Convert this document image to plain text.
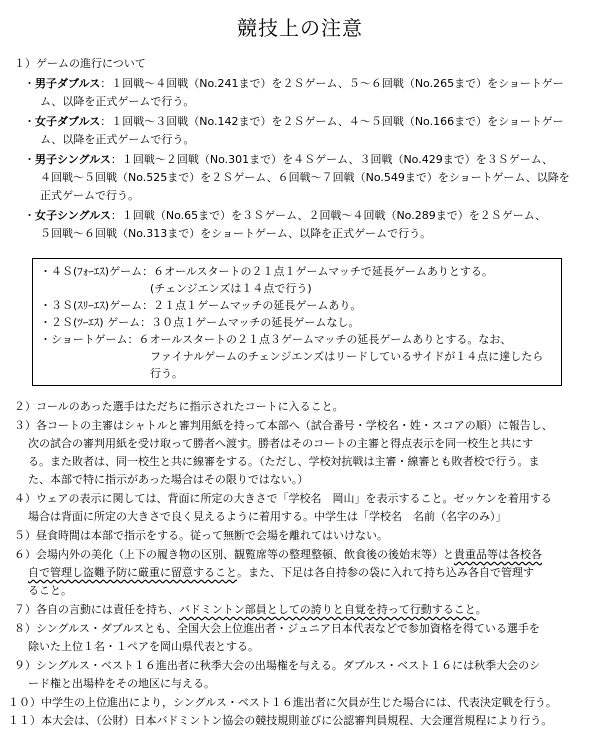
競技上の注意
１）ゲームの進行について
・男子ダブルス：１回戦～４回戦（No.241まで）を２Ｓゲーム、５～６回戦（No.265まで）をショートゲー
ム、以降を正式ゲームで行う。
・女子ダブルス：１回戦～３回戦（No.142まで）を２Ｓゲーム、４～５回戦（No.166まで）をショートゲー
ム、以降を正式ゲームで行う。
・男子シングルス：１回戦～２回戦（No.301まで）を４Ｓゲーム、３回戦（No.429まで）を３Ｓゲーム、
４回戦～５回戦（No.525まで）を２Ｓゲーム、６回戦～７回戦（No.549まで）をショートゲーム、以降を
正式ゲームで行う。
・女子シングルス：１回戦（No.65まで）を３Ｓゲーム、２回戦～４回戦（No.289まで）を２Ｓゲーム、
５回戦～６回戦（No.313まで）をショートゲーム、以降を正式ゲームで行う。
・４Ｓ(ﾌｫｰｴｽ)ゲーム：６オールスタートの２１点１ゲームマッチで延長ゲームありとする。
(チェンジエンズは１４点で行う)
・３Ｓ(ｽﾘｰｴｽ)ゲーム：２１点１ゲームマッチの延長ゲームあり。
・２Ｓ(ﾂｰｴｽ) ゲーム：３０点１ゲームマッチの延長ゲームなし。
・ショートゲーム：６オールスタートの２１点３ゲームマッチの延長ゲームありとする。なお、
ファイナルゲームのチェンジエンズはリードしているサイドが１４点に達したら
行う。
２）コールのあった選手はただちに指示されたコートに入ること。
３）各コートの主審はシャトルと審判用紙を持って本部へ（試合番号・学校名・姓・スコアの順）に報告し、
次の試合の審判用紙を受け取って勝者へ渡す。勝者はそのコートの主審と得点表示を同一校生と共にす
る。また敗者は、同一校生と共に線審をする。（ただし、学校対抗戦は主審・線審とも敗者校で行う。ま
た、本部で特に指示があった場合はその限りではない。）
４）ウェアの表示に関しては、背面に所定の大きさで「学校名　岡山」を表示すること。ゼッケンを着用する
場合は背面に所定の大きさで良く見えるように着用する。中学生は「学校名　名前（名字のみ）」
５）昼食時間は本部で指示をする。従って無断で会場を離れてはいけない。
６）会場内外の美化（上下の履き物の区別、観覧席等の整理整頓、飲食後の後始末等）と貴重品等は各校各
自で管理し盗難予防に厳重に留意すること。また、下足は各自持参の袋に入れて持ち込み各自で管理す
ること。
７）各自の言動には責任を持ち、バドミントン部員としての誇りと自覚を持って行動すること。
８）シングルス・ダブルスとも、全国大会上位進出者・ジュニア日本代表などで参加資格を得ている選手を
除いた上位１名・１ペアを岡山県代表とする。
９）シングルス・ベスト１６進出者に秋季大会の出場権を与える。ダブルス・ベスト１６には秋季大会のシ
ード権と出場枠をその地区に与える。
１０）中学生の上位進出により，シングルス・ベスト１６進出者に欠員が生じた場合には、代表決定戦を行う。
１１）本大会は、（公財）日本バドミントン協会の競技規則並びに公認審判員規程、大会運営規程により行う。
